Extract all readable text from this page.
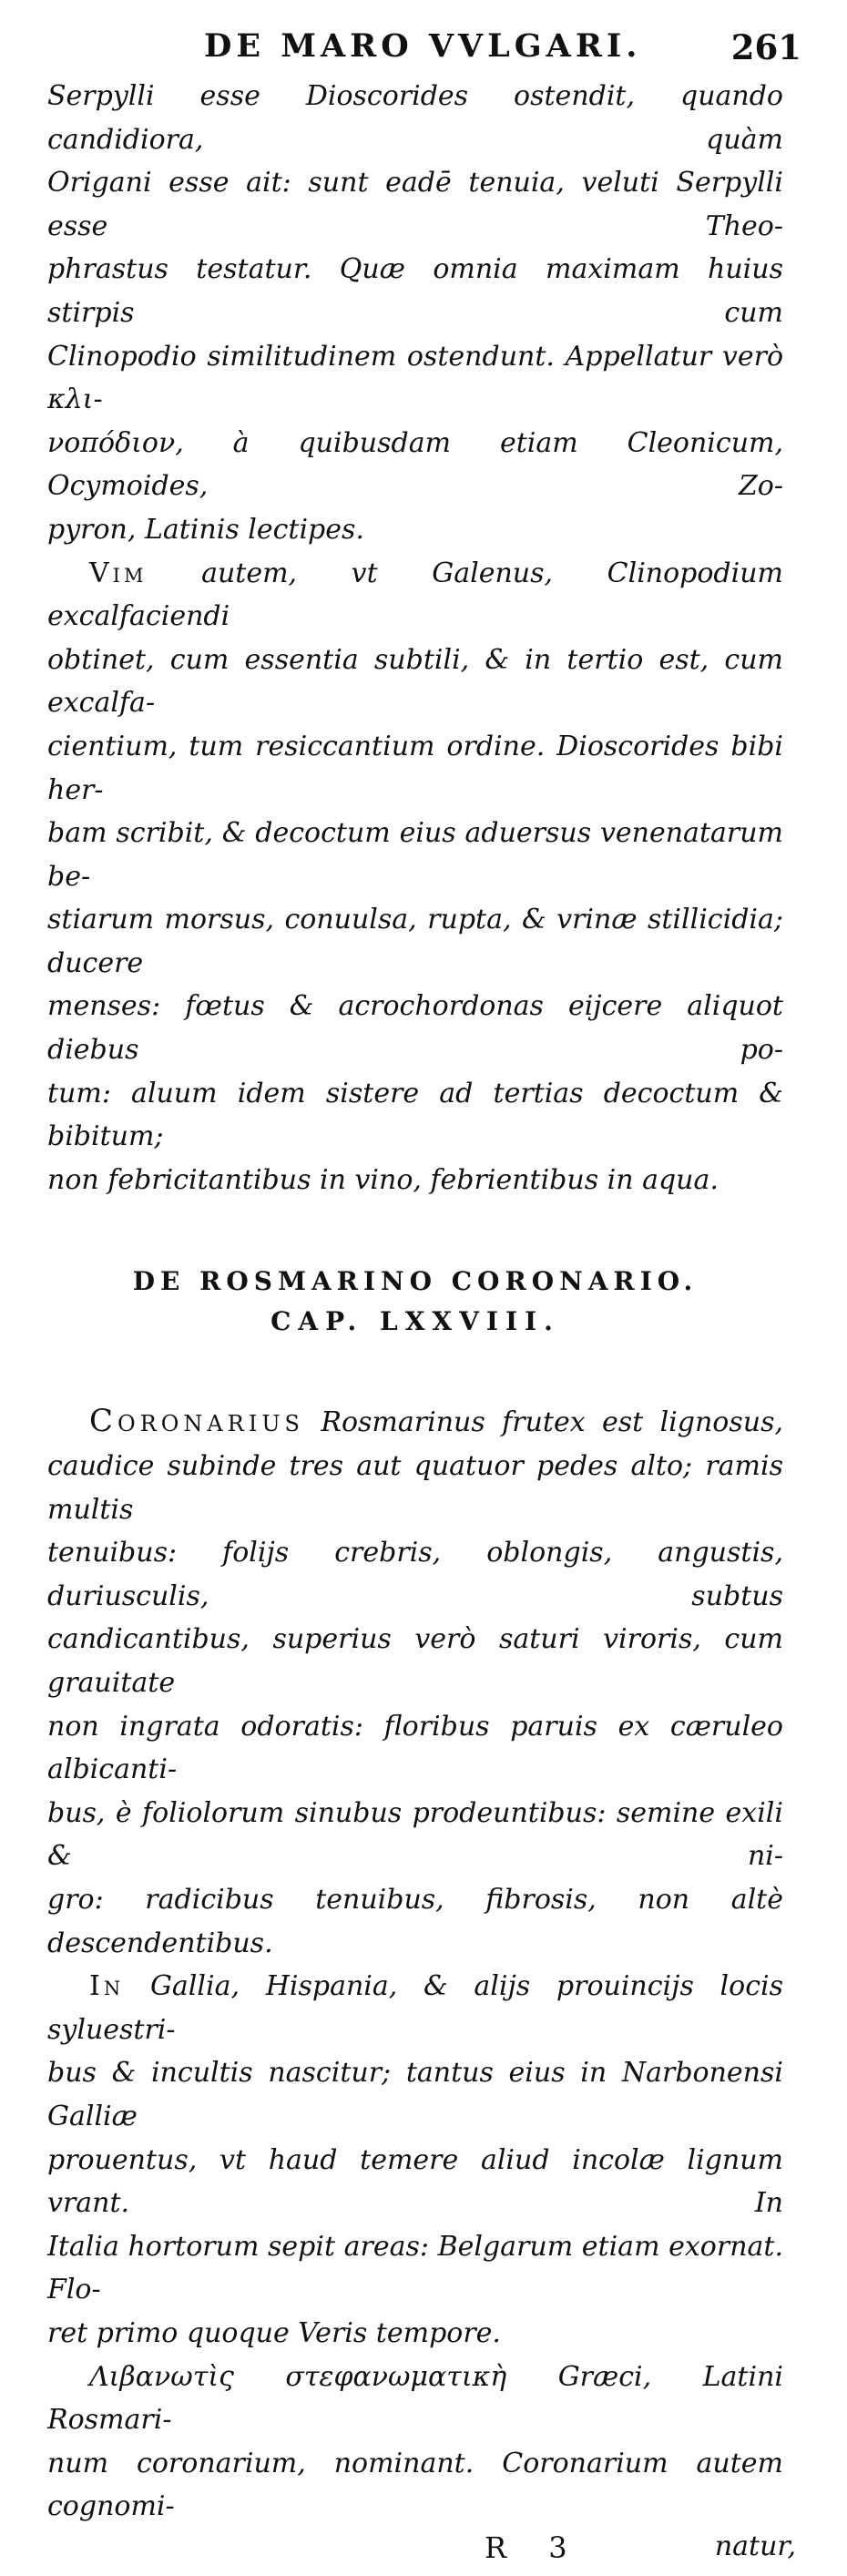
DE MARO VVLGARI.	261
Serpylli esse Dioscorides ostendit, quando candidiora, quàm
Origani esse ait: sunt eadē tenuia, veluti Serpylli esse Theo-
phrastus testatur. Quæ omnia maximam huius stirpis cum
Clinopodio similitudinem ostendunt. Appellatur verò κλι-
νοπόδιον, à quibusdam etiam Cleonicum, Ocymoides, Zo-
pyron, Latinis lectipes.
Vim autem, vt Galenus, Clinopodium excalfaciendi
obtinet, cum essentia subtili, & in tertio est, cum excalfa-
cientium, tum resiccantium ordine. Dioscorides bibi her-
bam scribit, & decoctum eius aduersus venenatarum be-
stiarum morsus, conuulsa, rupta, & vrinæ stillicidia; ducere
menses: fœtus & acrochordonas eijcere aliquot diebus po-
tum: aluum idem sistere ad tertias decoctum & bibitum;
non febricitantibus in vino, febrientibus in aqua.
DE ROSMARINO CORONARIO.
CAP. LXXVIII.
Coronarius Rosmarinus frutex est lignosus,
caudice subinde tres aut quatuor pedes alto; ramis multis
tenuibus: folijs crebris, oblongis, angustis, duriusculis, subtus
candicantibus, superius verò saturi viroris, cum grauitate
non ingrata odoratis: floribus paruis ex cæruleo albicanti-
bus, è foliolorum sinubus prodeuntibus: semine exili & ni-
gro: radicibus tenuibus, fibrosis, non altè descendentibus.
In Gallia, Hispania, & alijs prouincijs locis syluestri-
bus & incultis nascitur; tantus eius in Narbonensi Galliæ
prouentus, vt haud temere aliud incolæ lignum vrant. In
Italia hortorum sepit areas: Belgarum etiam exornat. Flo-
ret primo quoque Veris tempore.
Λιβανωτὶς στεφανωματικὴ Græci, Latini Rosmari-
num coronarium, nominant. Coronarium autem cognomi-
R 3	natur,
